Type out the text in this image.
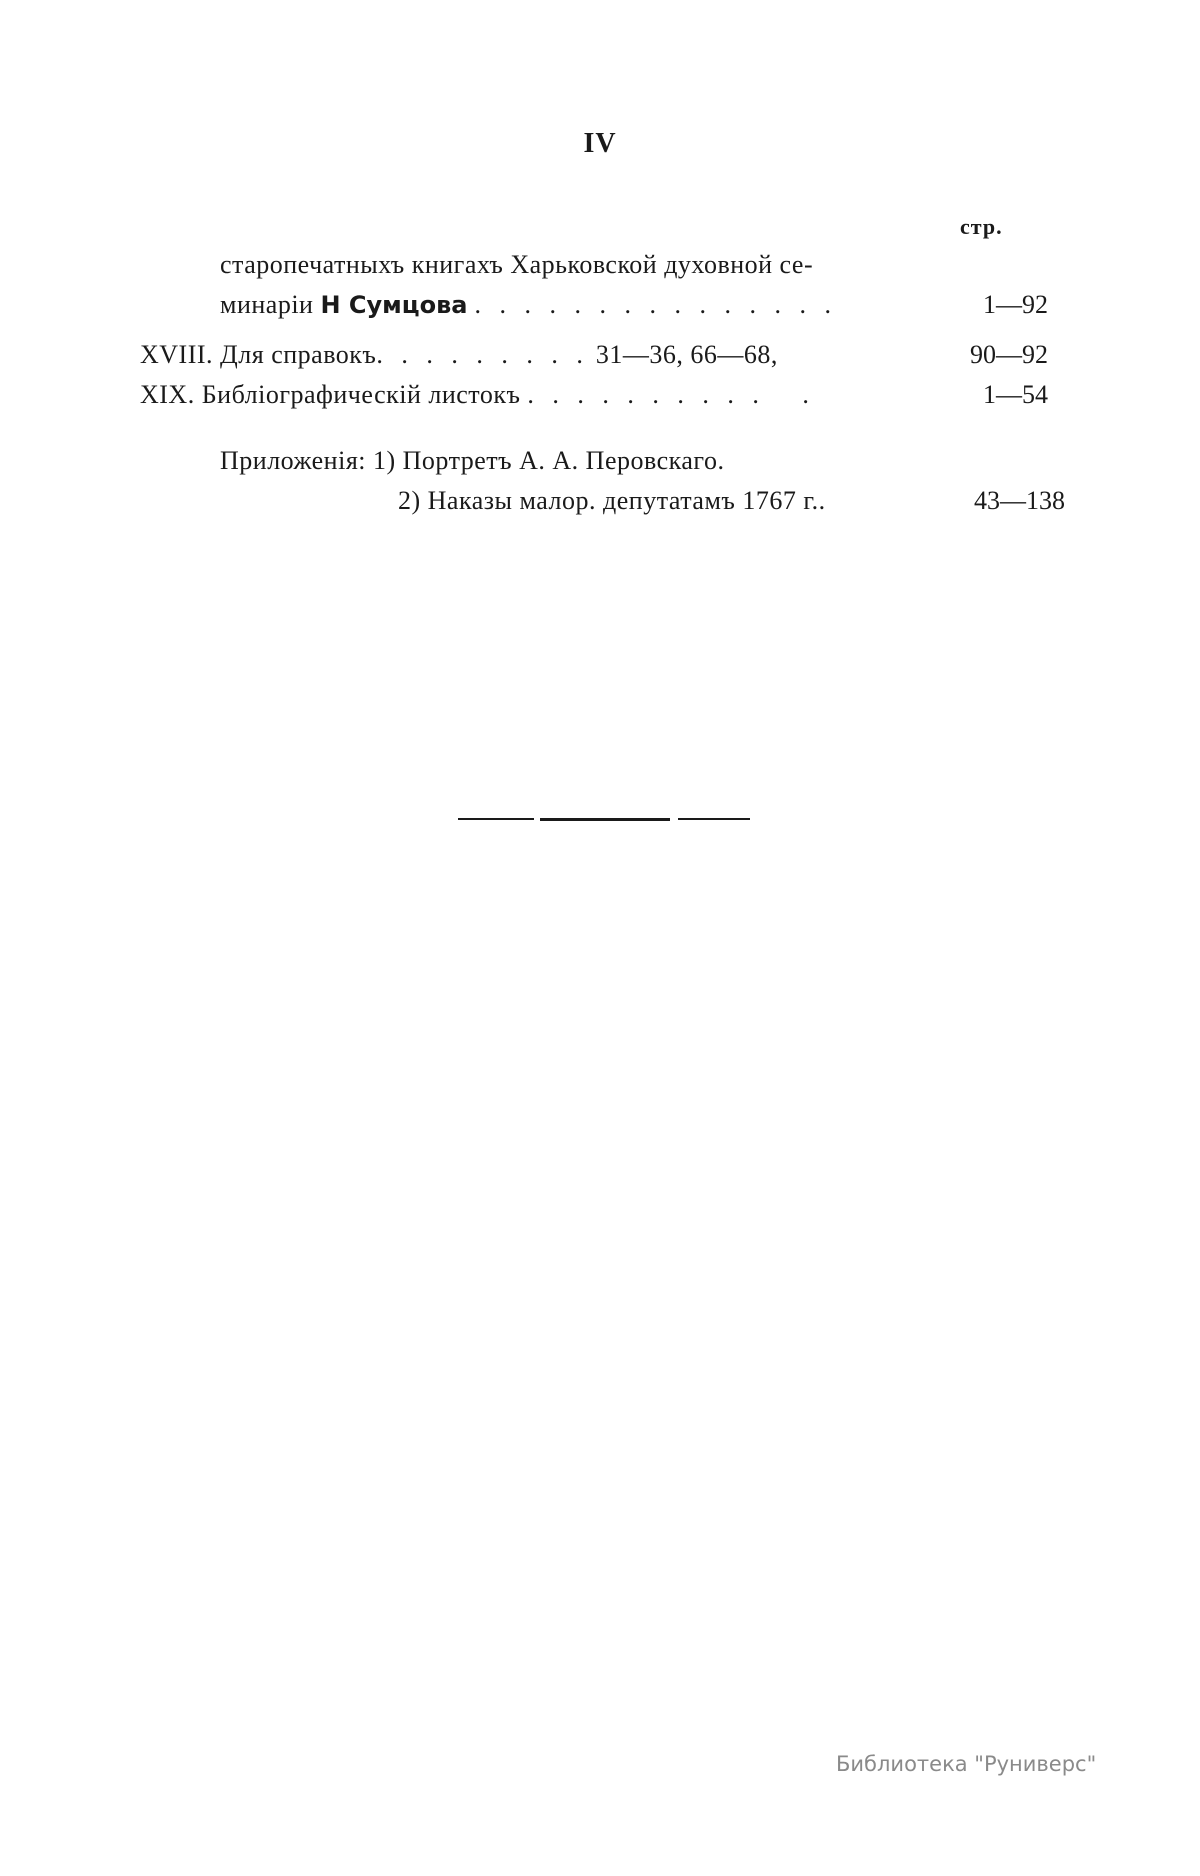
IV
стр.
старопечатныхъ книгахъ Харьковской духовной се-
минаріи Н Сумцова . . . . . . . . . . . . . . .	1—92
XVIII. Для справокъ. . . . . . . . . 31—36, 66—68,	90—92
XIX. Библіографическій листокъ . . . . . . . . . .   .	1—54
Приложенія: 1) Портретъ А. А. Перовскаго.
2) Наказы малор. депутатамъ 1767 г..	43—138
Библиотека "Руниверс"
